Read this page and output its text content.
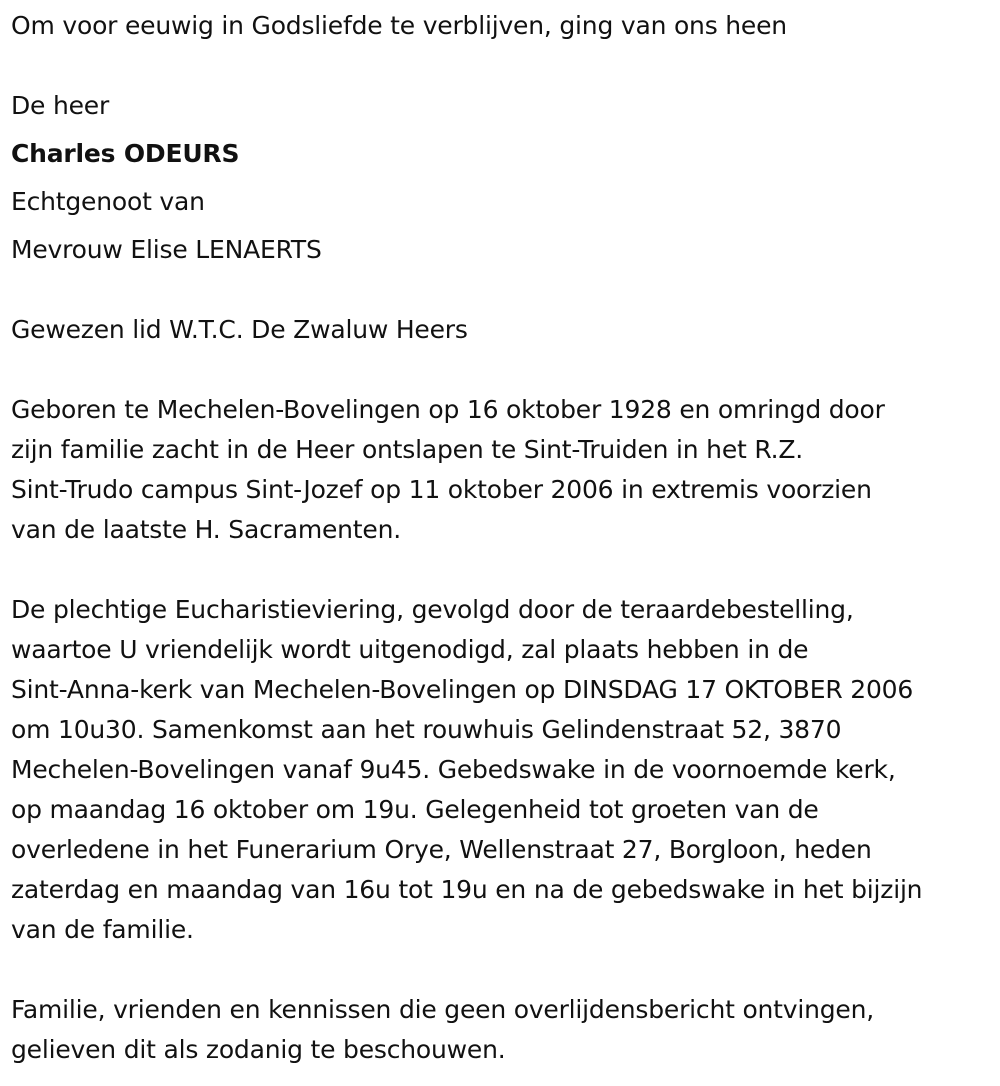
Om voor eeuwig in Godsliefde te verblijven, ging van ons heen

De heer

Charles ODEURS

Echtgenoot van

Mevrouw Elise LENAERTS

Gewezen lid W.T.C. De Zwaluw Heers

Geboren te Mechelen-Bovelingen op 16 oktober 1928 en omringd door

zijn familie zacht in de Heer ontslapen te Sint-Truiden in het R.Z.

Sint-Trudo campus Sint-Jozef op 11 oktober 2006 in extremis voorzien

van de laatste H. Sacramenten.

De plechtige Eucharistieviering, gevolgd door de teraardebestelling,

waartoe U vriendelijk wordt uitgenodigd, zal plaats hebben in de

Sint-Anna-kerk van Mechelen-Bovelingen op DINSDAG 17 OKTOBER 2006

om 10u30. Samenkomst aan het rouwhuis Gelindenstraat 52, 3870

Mechelen-Bovelingen vanaf 9u45. Gebedswake in de voornoemde kerk,

op maandag 16 oktober om 19u. Gelegenheid tot groeten van de

overledene in het Funerarium Orye, Wellenstraat 27, Borgloon, heden

zaterdag en maandag van 16u tot 19u en na de gebedswake in het bijzijn

van de familie.

Familie, vrienden en kennissen die geen overlijdensbericht ontvingen,

gelieven dit als zodanig te beschouwen.
